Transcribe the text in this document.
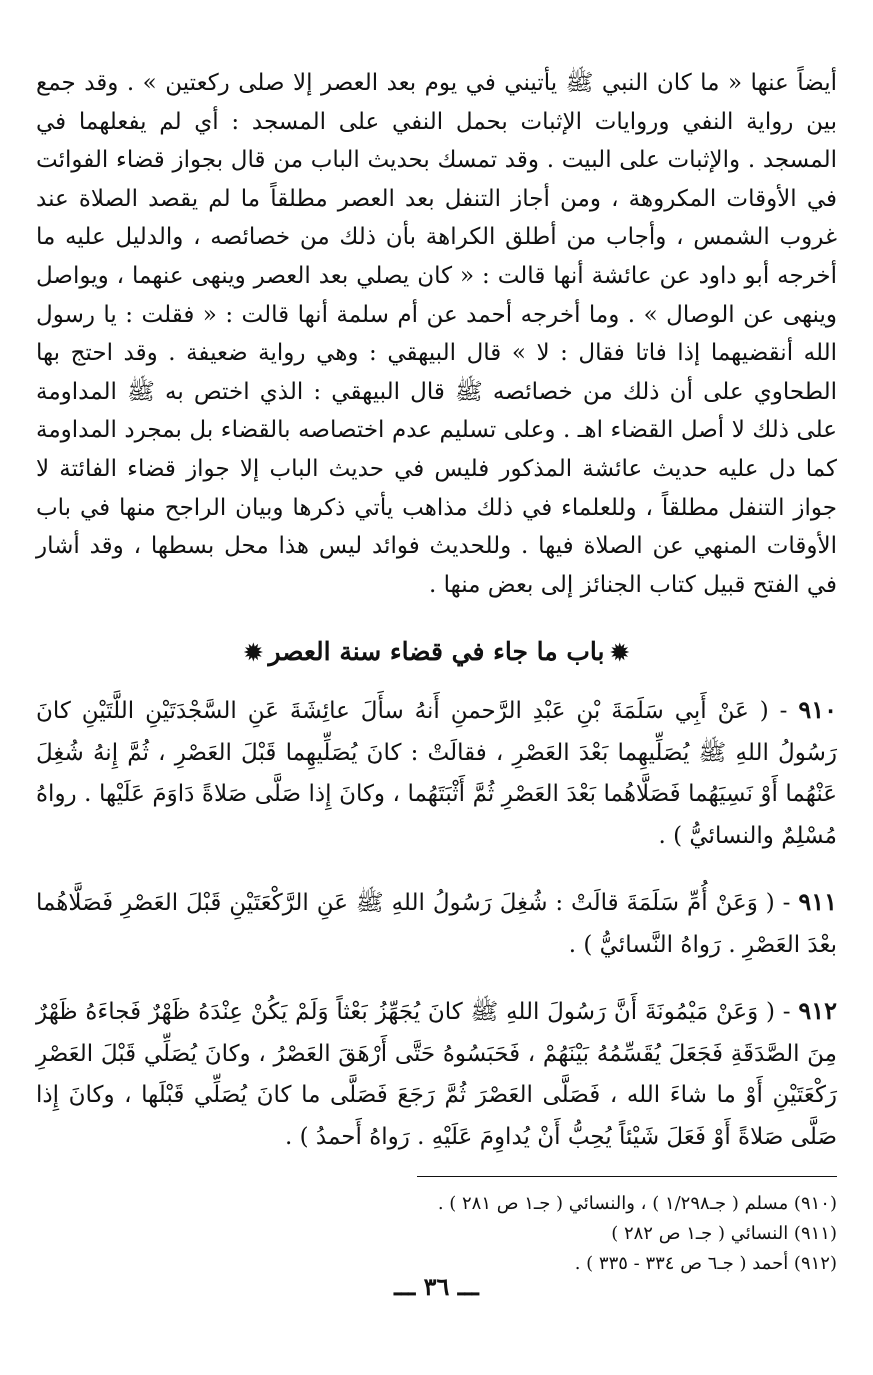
أيضاً عنها « ما كان النبي ﷺ يأتيني في يوم بعد العصر إلا صلى ركعتين » . وقد جمع بين رواية النفي وروايات الإثبات بحمل النفي على المسجد : أي لم يفعلهما في المسجد . والإثبات على البيت . وقد تمسك بحديث الباب من قال بجواز قضاء الفوائت في الأوقات المكروهة ، ومن أجاز التنفل بعد العصر مطلقاً ما لم يقصد الصلاة عند غروب الشمس ، وأجاب من أطلق الكراهة بأن ذلك من خصائصه ، والدليل عليه ما أخرجه أبو داود عن عائشة أنها قالت : « كان يصلي بعد العصر وينهى عنهما ، ويواصل وينهى عن الوصال » . وما أخرجه أحمد عن أم سلمة أنها قالت : « فقلت : يا رسول الله أنقضيهما إذا فاتا فقال : لا » قال البيهقي : وهي رواية ضعيفة . وقد احتج بها الطحاوي على أن ذلك من خصائصه ﷺ قال البيهقي : الذي اختص به ﷺ المداومة على ذلك لا أصل القضاء اهـ . وعلى تسليم عدم اختصاصه بالقضاء بل بمجرد المداومة كما دل عليه حديث عائشة المذكور فليس في حديث الباب إلا جواز قضاء الفائتة لا جواز التنفل مطلقاً ، وللعلماء في ذلك مذاهب يأتي ذكرها وبيان الراجح منها في باب الأوقات المنهي عن الصلاة فيها . وللحديث فوائد ليس هذا محل بسطها ، وقد أشار في الفتح قبيل كتاب الجنائز إلى بعض منها .

✹باب ما جاء في قضاء سنة العصر✹

٩١٠ - ( عَنْ أَبِي سَلَمَةَ بْنِ عَبْدِ الرَّحمنِ أَنهُ سأَلَ عائِشَةَ عَنِ السَّجْدَتَيْنِ اللَّتَيْنِ كانَ رَسُولُ اللهِ ﷺ يُصَلِّيهِما بَعْدَ العَصْرِ ، فقالَتْ : كانَ يُصَلِّيهِما قَبْلَ العَصْرِ ، ثُمَّ إِنهُ شُغِلَ عَنْهُما أَوْ نَسِيَهُما فَصَلَّاهُما بَعْدَ العَصْرِ ثُمَّ أَثْبَتَهُما ، وكانَ إِذا صَلَّى صَلاةً دَاوَمَ عَلَيْها . رواهُ مُسْلِمٌ والنسائيُّ ) .

٩١١ - ( وَعَنْ أُمِّ سَلَمَةَ قالَتْ : شُغِلَ رَسُولُ اللهِ ﷺ عَنِ الرَّكْعَتَيْنِ قَبْلَ العَصْرِ فَصَلَّاهُما بعْدَ العَصْرِ . رَواهُ النَّسائيُّ ) .

٩١٢ - ( وَعَنْ مَيْمُونَةَ أَنَّ رَسُولَ اللهِ ﷺ كانَ يُجَهِّزُ بَعْثاً وَلَمْ يَكُنْ عِنْدَهُ ظَهْرٌ فَجاءَهُ ظَهْرٌ مِنَ الصَّدَقَةِ فَجَعَلَ يُقَسِّمُهُ بَيْنَهُمْ ، فَحَبَسُوهُ حَتَّى أَرْهَقَ العَصْرُ ، وكانَ يُصَلِّي قَبْلَ العَصْرِ رَكْعَتَيْنِ أَوْ ما شاءَ الله ، فَصَلَّى العَصْرَ ثُمَّ رَجَعَ فَصَلَّى ما كانَ يُصَلِّي قَبْلَها ، وكانَ إِذا صَلَّى صَلاةً أَوْ فَعَلَ شَيْئاً يُحِبُّ أَنْ يُداوِمَ عَلَيْهِ . رَواهُ أَحمدُ ) .

(٩١٠) مسلم ( جـ١/٢٩٨ ) ، والنسائي ( جـ١ ص ٢٨١ ) .
(٩١١) النسائي ( جـ١ ص ٢٨٢ )
(٩١٢) أحمد ( جـ٦ ص ٣٣٤ - ٣٣٥ ) .
ـــ ٣٦ ـــ
